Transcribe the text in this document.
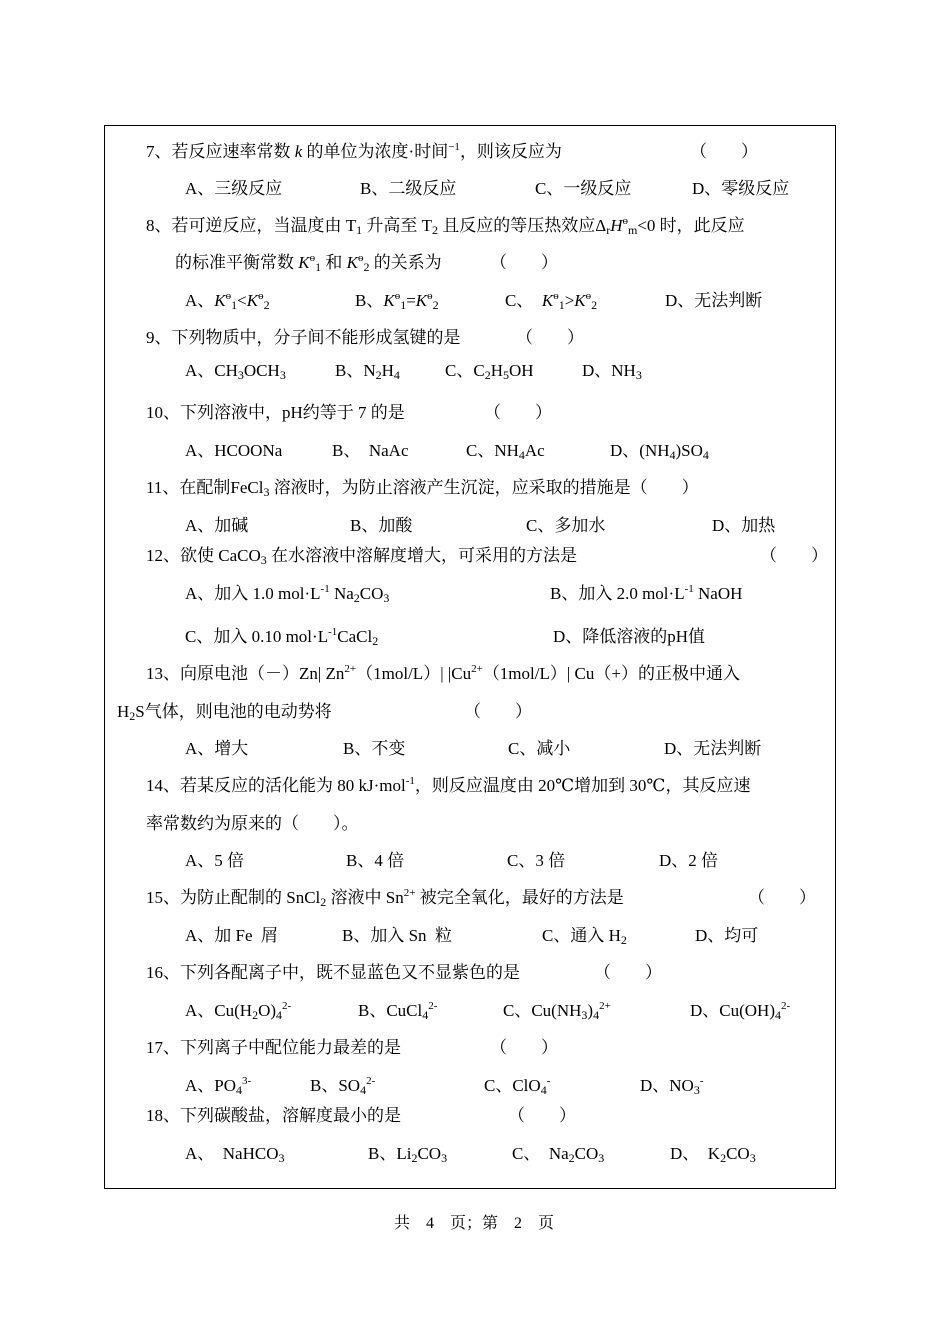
7、若反应速率常数 k 的单位为浓度·时间$^{-1}$，则该反应为	（　　）
A、三级反应	B、二级反应	C、一级反应	D、零级反应
8、若可逆反应，当温度由 $T_1$ 升高至 $T_2$ 且反应的等压热效应$\Delta_rH^ө_m<0$ 时，此反应
的标准平衡常数 $K^ө_1$ 和 $K^ө_2$ 的关系为	（　　）
A、$K^ө_1<K^ө_2$	B、$K^ө_1=K^ө_2$	C、　$K^ө_1>K^ө_2$	D、无法判断
9、下列物质中，分子间不能形成氢键的是	（　　）
A、$CH_3OCH_3$	B、$N_2H_4$	C、$C_2H_5OH$	D、$NH_3$
10、下列溶液中，pH约等于 7 的是	（　　）
A、HCOONa	B、　NaAc	C、$NH_4Ac$	D、$(NH_4)SO_4$
11、在配制FeCl$_3$ 溶液时，为防止溶液产生沉淀，应采取的措施是（　　）
A、加碱	B、加酸	C、多加水	D、加热
12、欲使 CaCO$_3$ 在水溶液中溶解度增大，可采用的方法是	（　　）
A、加入 1.0 $mol\cdot L^{-1}$ $Na_2CO_3$	B、加入 2.0 $mol\cdot L^{-1}$ NaOH
C、加入 0.10 $mol\cdot L^{-1}CaCl_2$	D、降低溶液的pH值
13、向原电池（－）Zn| $Zn^{2+}(1mol/L)|$ $|Cu^{2+}(1mol/L)|$ Cu（+）的正极中通入
$H_2S$气体，则电池的电动势将	（　　）
A、增大	B、不变	C、减小	D、无法判断
14、若某反应的活化能为 80 kJ·mol$^{-1}$，则反应温度由 20℃增加到 30℃，其反应速
率常数约为原来的（　　）。
A、5 倍	B、4 倍	C、3 倍	D、2 倍
15、为防止配制的 SnCl$_2$ 溶液中 $Sn^{2+}$ 被完全氧化，最好的方法是	（　　）
A、加 Fe  屑	B、加入 Sn  粒	C、通入 $H_2$	D、均可
16、下列各配离子中，既不显蓝色又不显紫色的是	（　　）
A、$Cu(H_2O)_4^{2-}$	B、CuCl$_4^{2-}$	C、$Cu(NH_3)_4^{2+}$	D、$Cu(OH)_4^{2-}$
17、下列离子中配位能力最差的是	（　　）
A、$PO_4^{3-}$	B、$SO_4^{2-}$	C、ClO$_4$-	D、$NO_3^-$
18、下列碳酸盐，溶解度最小的是	（　　）
A、　NaHCO$_3$	B、$Li_2CO_3$	C、　$Na_2CO_3$	D、　$K_2CO_3$
共　4　页；第　2　页
